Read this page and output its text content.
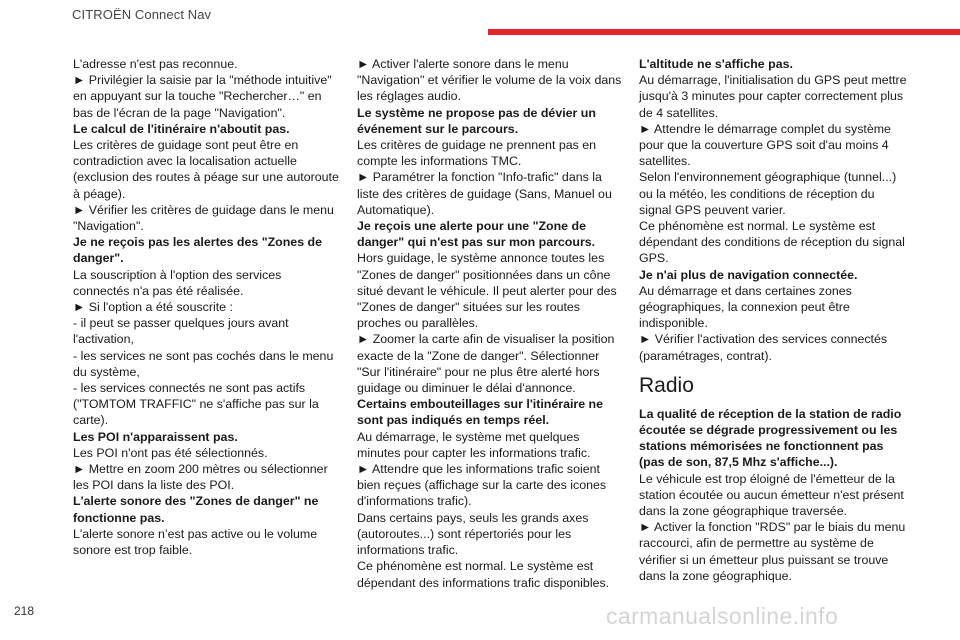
CITROËN Connect Nav

L'adresse n'est pas reconnue.

► Privilégier la saisie par la "méthode intuitive" en appuyant sur la touche "Rechercher…" en bas de l'écran de la page "Navigation".

Le calcul de l'itinéraire n'aboutit pas.

Les critères de guidage sont peut être en contradiction avec la localisation actuelle (exclusion des routes à péage sur une autoroute à péage).

► Vérifier les critères de guidage dans le menu "Navigation".

Je ne reçois pas les alertes des "Zones de danger".

La souscription à l'option des services connectés n'a pas été réalisée.

► Si l'option a été souscrite :

- il peut se passer quelques jours avant l'activation,

- les services ne sont pas cochés dans le menu du système,

- les services connectés ne sont pas actifs ("TOMTOM TRAFFIC" ne s'affiche pas sur la carte).

Les POI n'apparaissent pas.

Les POI n'ont pas été sélectionnés.

► Mettre en zoom 200 mètres ou sélectionner les POI dans la liste des POI.

L'alerte sonore des "Zones de danger" ne fonctionne pas.

L'alerte sonore n’est pas active ou le volume sonore est trop faible.

► Activer l'alerte sonore dans le menu "Navigation" et vérifier le volume de la voix dans les réglages audio.

Le système ne propose pas de dévier un événement sur le parcours.

Les critères de guidage ne prennent pas en compte les informations TMC.

► Paramétrer la fonction "Info-trafic" dans la liste des critères de guidage (Sans, Manuel ou Automatique).

Je reçois une alerte pour une "Zone de danger" qui n'est pas sur mon parcours.

Hors guidage, le système annonce toutes les "Zones de danger" positionnées dans un cône situé devant le véhicule. Il peut alerter pour des "Zones de danger" situées sur les routes proches ou parallèles.

► Zoomer la carte afin de visualiser la position exacte de la "Zone de danger". Sélectionner "Sur l'itinéraire" pour ne plus être alerté hors guidage ou diminuer le délai d'annonce.

Certains embouteillages sur l'itinéraire ne sont pas indiqués en temps réel.

Au démarrage, le système met quelques minutes pour capter les informations trafic.

► Attendre que les informations trafic soient bien reçues (affichage sur la carte des icones d'informations trafic).

Dans certains pays, seuls les grands axes (autoroutes...) sont répertoriés pour les informations trafic.

Ce phénomène est normal. Le système est dépendant des informations trafic disponibles.

L'altitude ne s'affiche pas.

Au démarrage, l'initialisation du GPS peut mettre jusqu'à 3 minutes pour capter correctement plus de 4 satellites.

► Attendre le démarrage complet du système pour que la couverture GPS soit d'au moins 4 satellites.

Selon l'environnement géographique (tunnel...) ou la météo, les conditions de réception du signal GPS peuvent varier.

Ce phénomène est normal. Le système est dépendant des conditions de réception du signal GPS.

Je n'ai plus de navigation connectée.

Au démarrage et dans certaines zones géographiques, la connexion peut être indisponible.

► Vérifier l'activation des services connectés (paramétrages, contrat).

Radio

La qualité de réception de la station de radio écoutée se dégrade progressivement ou les stations mémorisées ne fonctionnent pas (pas de son, 87,5 Mhz s'affiche...).

Le véhicule est trop éloigné de l'émetteur de la station écoutée ou aucun émetteur n'est présent dans la zone géographique traversée.

► Activer la fonction "RDS" par le biais du menu raccourci, afin de permettre au système de vérifier si un émetteur plus puissant se trouve dans la zone géographique.

218	carmanualsonline.info
